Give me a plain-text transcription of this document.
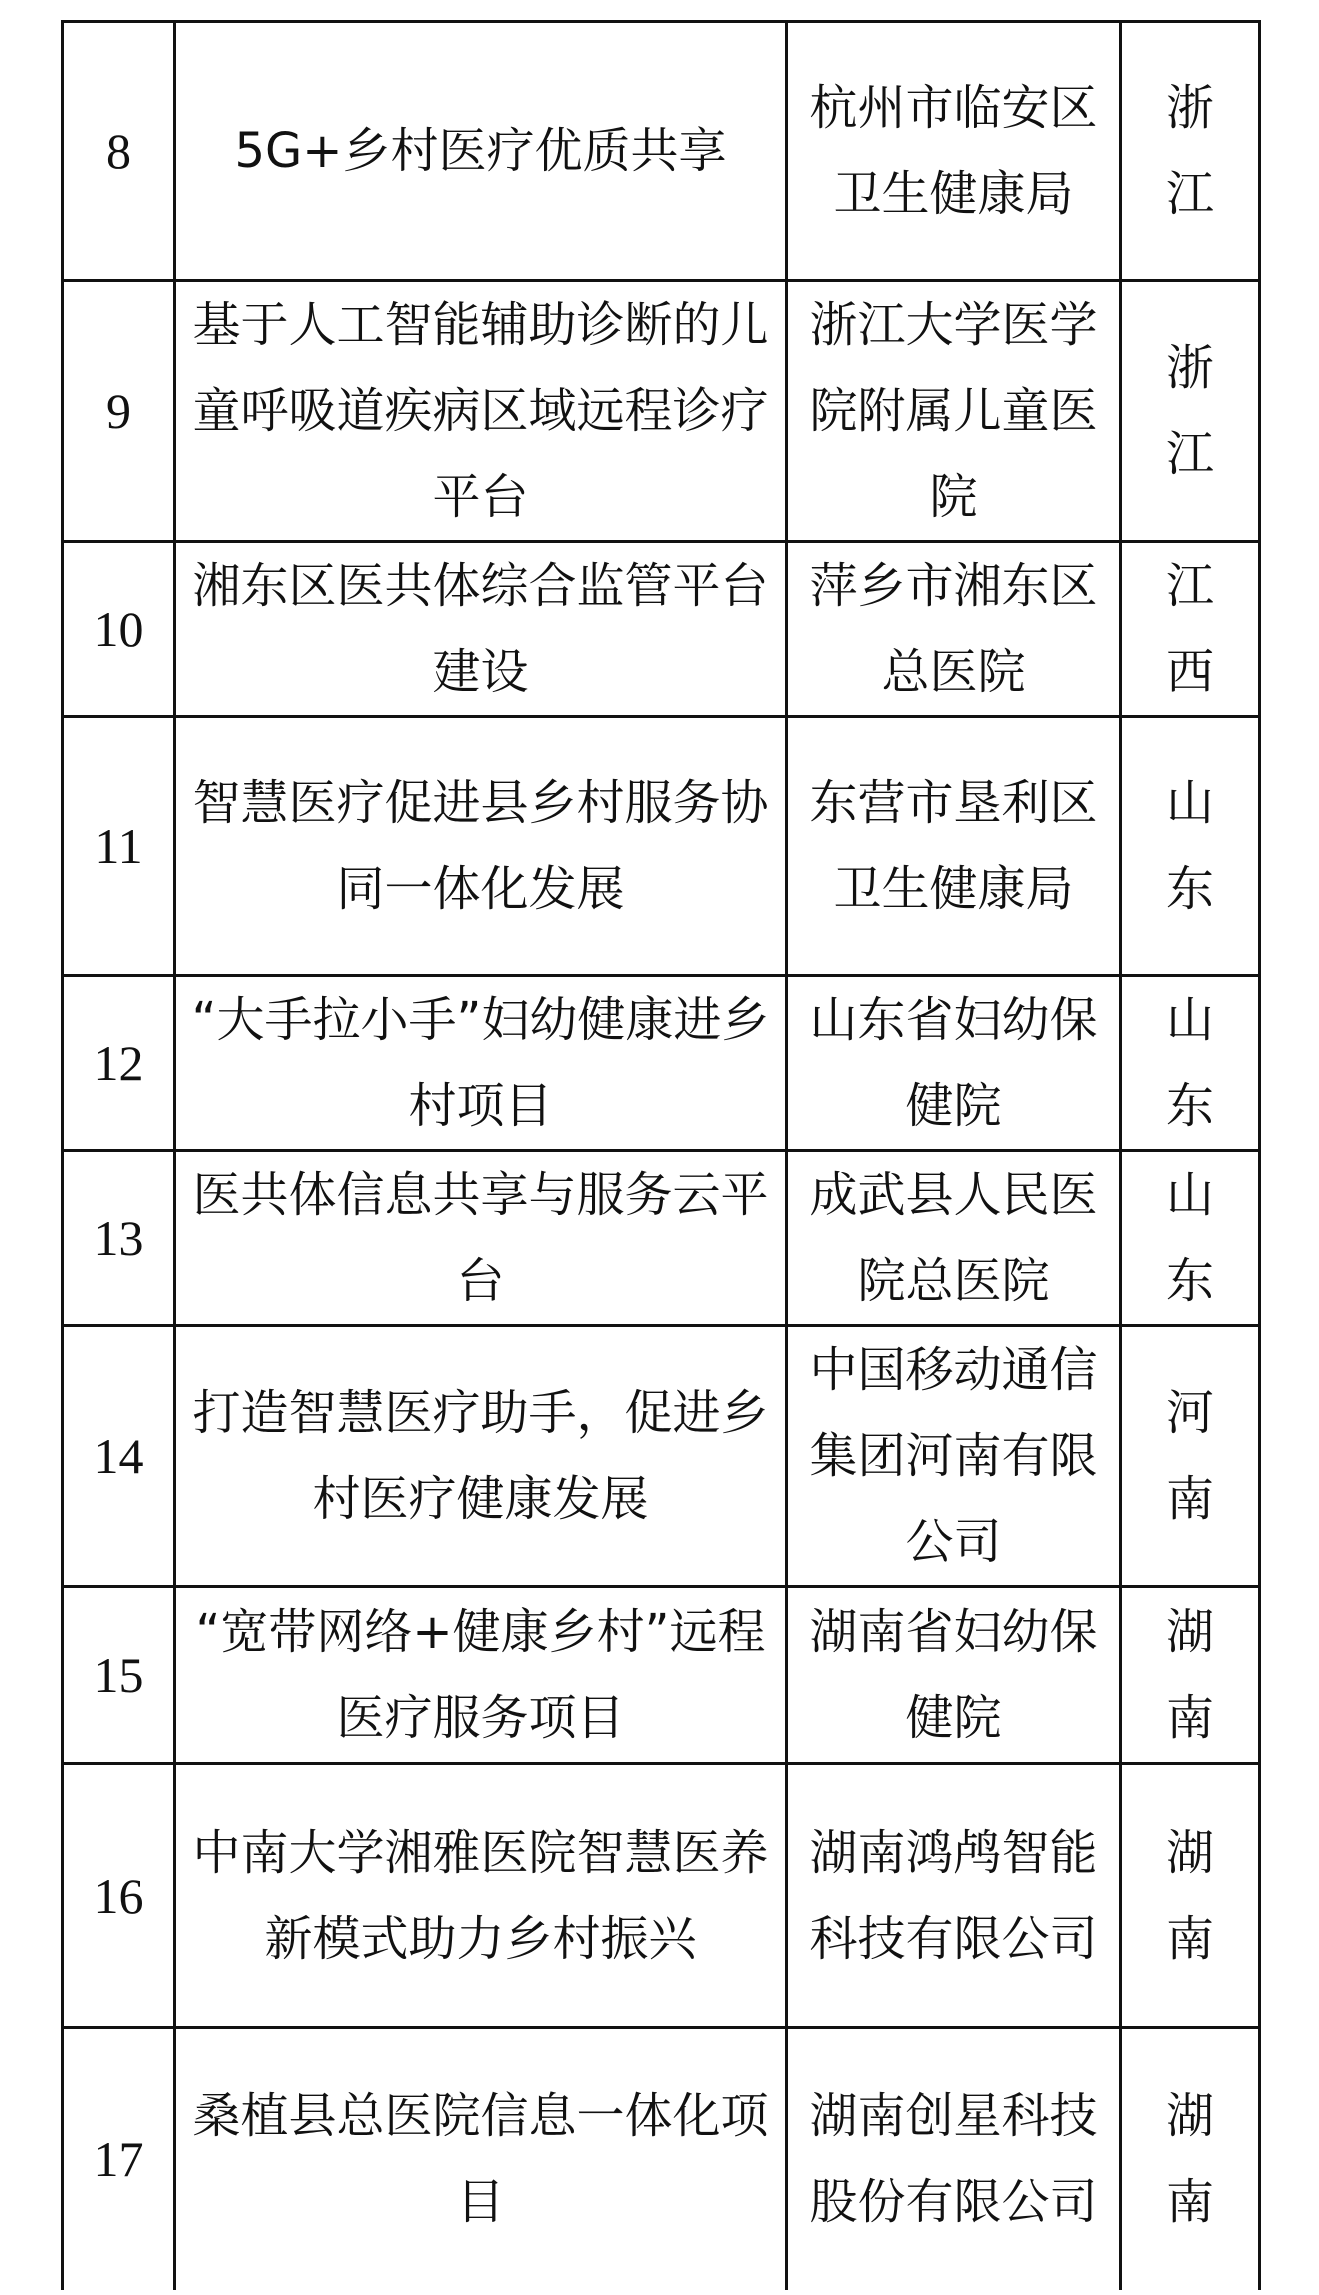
8	5G+乡村医疗优质共享	杭州市临安区卫生健康局	浙江
9	基于人工智能辅助诊断的儿童呼吸道疾病区域远程诊疗平台	浙江大学医学院附属儿童医院	浙江
10	湘东区医共体综合监管平台建设	萍乡市湘东区总医院	江西
11	智慧医疗促进县乡村服务协同一体化发展	东营市垦利区卫生健康局	山东
12	“大手拉小手”妇幼健康进乡村项目	山东省妇幼保健院	山东
13	医共体信息共享与服务云平台	成武县人民医院总医院	山东
14	打造智慧医疗助手，促进乡村医疗健康发展	中国移动通信集团河南有限公司	河南
15	“宽带网络+健康乡村”远程医疗服务项目	湖南省妇幼保健院	湖南
16	中南大学湘雅医院智慧医养新模式助力乡村振兴	湖南鸿鸬智能科技有限公司	湖南
17	桑植县总医院信息一体化项目	湖南创星科技股份有限公司	湖南
